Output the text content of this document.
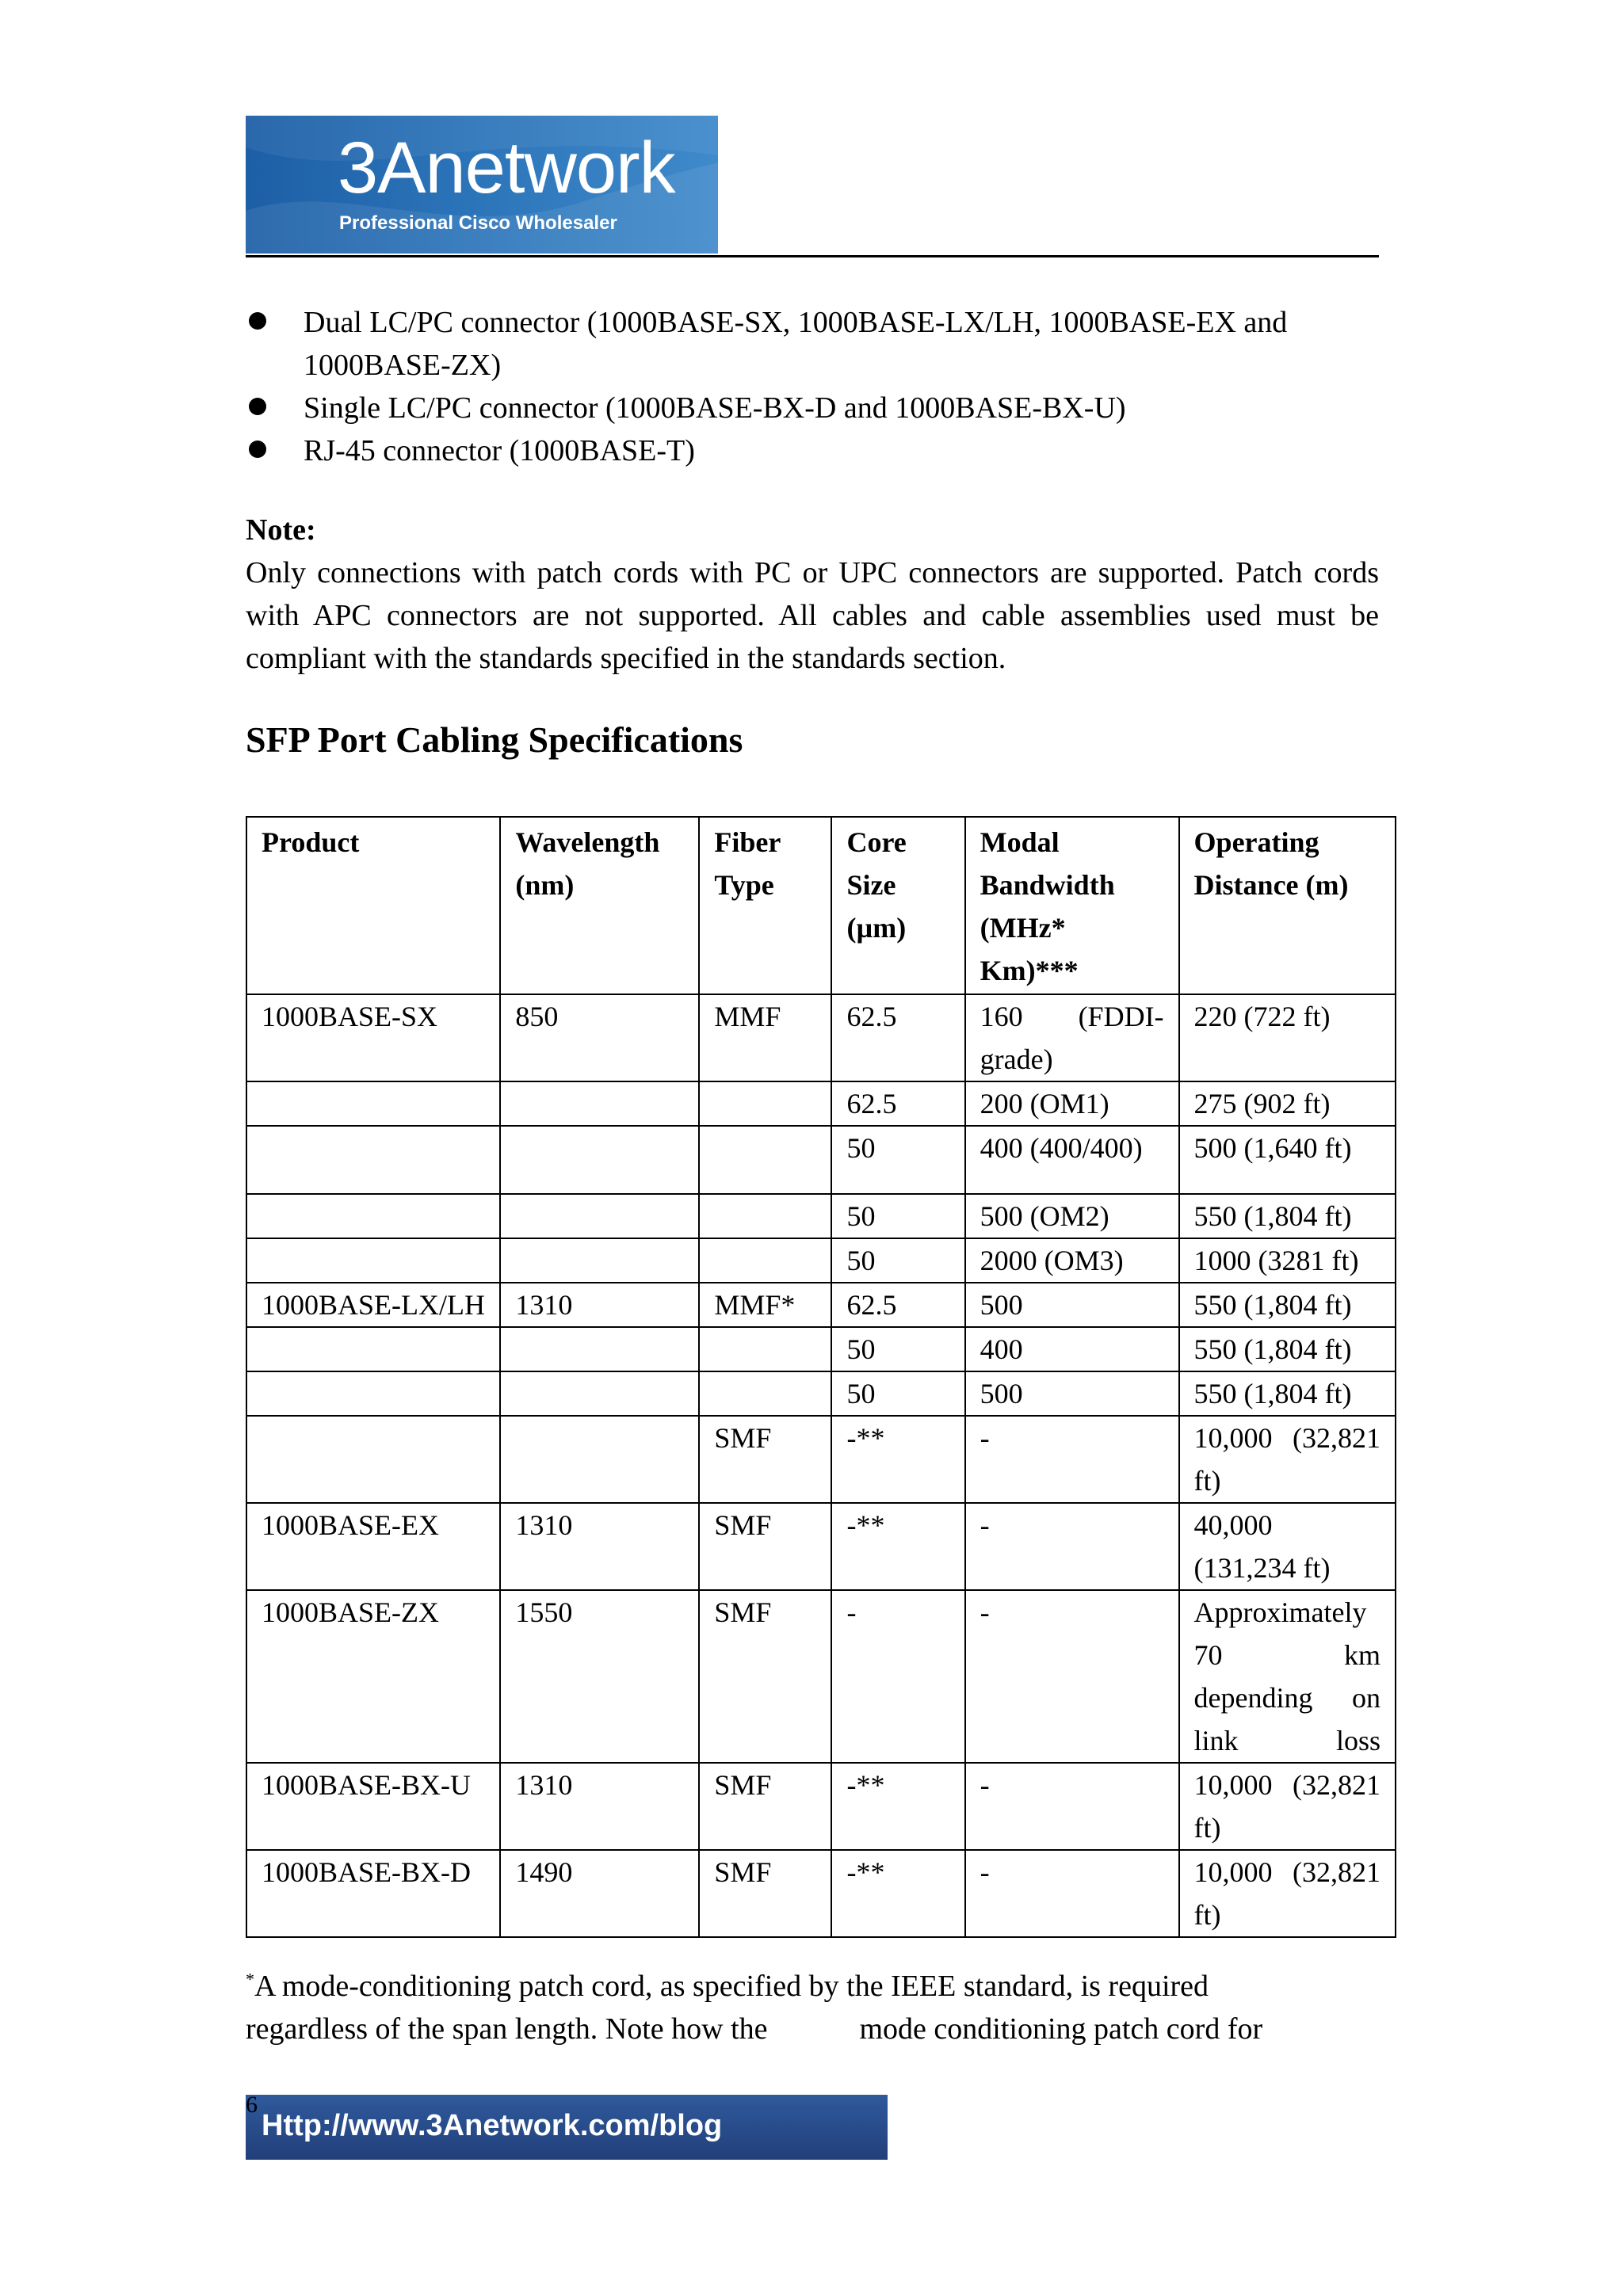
3Anetwork
Professional Cisco Wholesaler
Dual LC/PC connector (1000BASE-SX, 1000BASE-LX/LH, 1000BASE-EX and 1000BASE-ZX)
Single LC/PC connector (1000BASE-BX-D and 1000BASE-BX-U)
RJ-45 connector (1000BASE-T)
Note:
Only connections with patch cords with PC or UPC connectors are supported. Patch cords with APC connectors are not supported. All cables and cable assemblies used must be compliant with the standards specified in the standards section.
SFP Port Cabling Specifications
Product	Wavelength (nm)	Fiber Type	Core Size (µm)	Modal Bandwidth (MHz* Km)***	Operating Distance (m)
1000BASE-SX	850	MMF	62.5	160 (FDDI-grade)	220 (722 ft)
			62.5	200 (OM1)	275 (902 ft)
			50	400 (400/400)	500 (1,640 ft)
			50	500 (OM2)	550 (1,804 ft)
			50	2000 (OM3)	1000 (3281 ft)
1000BASE-LX/LH	1310	MMF*	62.5	500	550 (1,804 ft)
			50	400	550 (1,804 ft)
			50	500	550 (1,804 ft)
		SMF	-**	-	10,000 (32,821 ft)
1000BASE-EX	1310	SMF	-**	-	40,000 (131,234 ft)
1000BASE-ZX	1550	SMF	-	-	Approximately 70 km depending on link loss
1000BASE-BX-U	1310	SMF	-**	-	10,000 (32,821 ft)
1000BASE-BX-D	1490	SMF	-**	-	10,000 (32,821 ft)
*A mode-conditioning patch cord, as specified by the IEEE standard, is required
regardless of the span length. Note how the	mode conditioning patch cord for
Http://www.3Anetwork.com/blog
6
